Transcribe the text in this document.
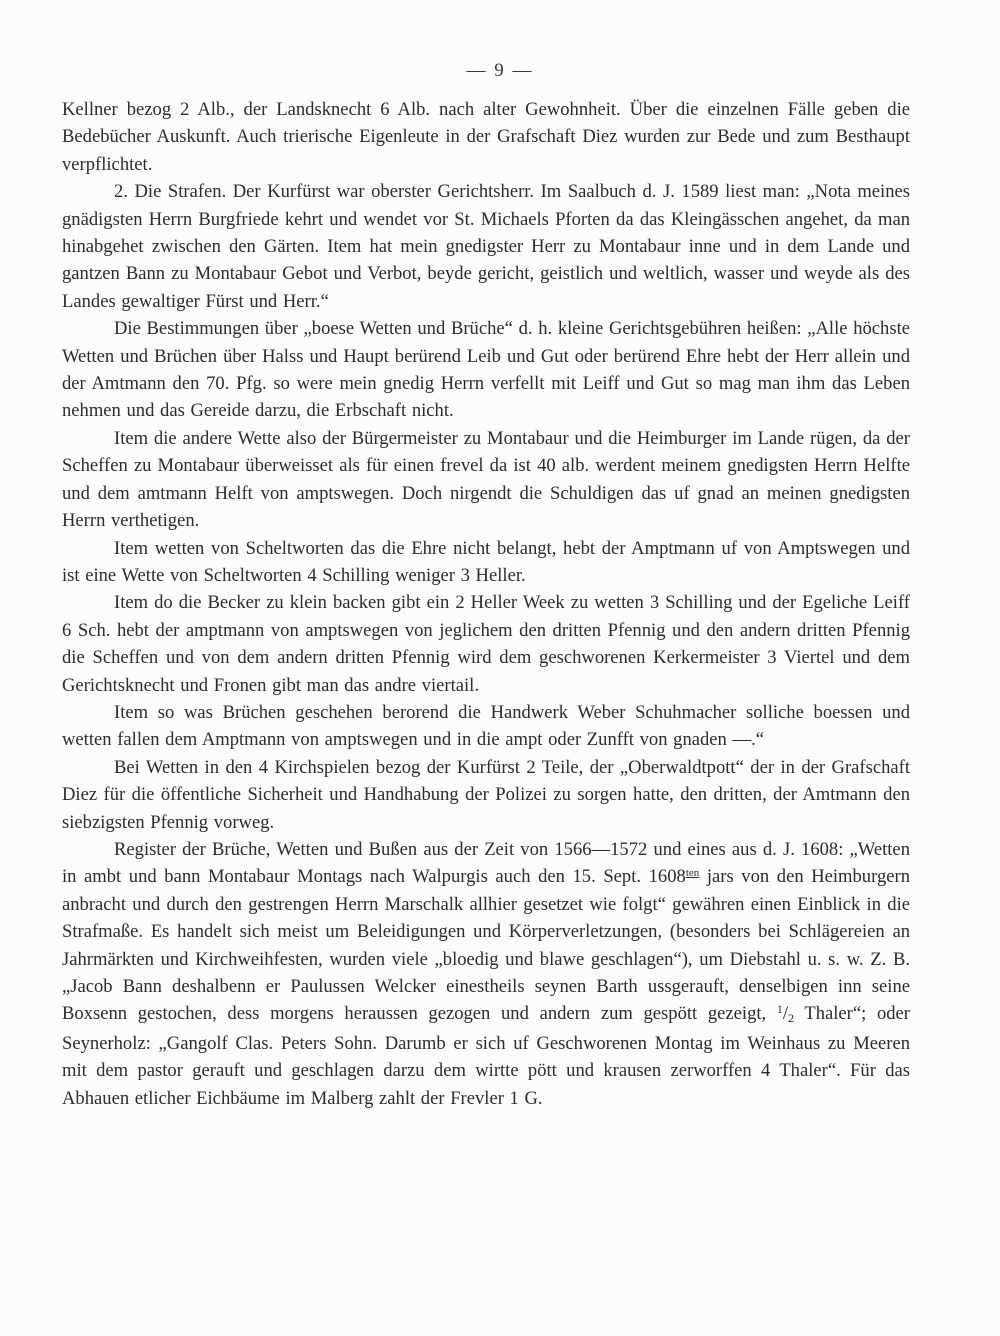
— 9 —

Kellner bezog 2 Alb., der Landsknecht 6 Alb. nach alter Gewohnheit. Über die einzelnen Fälle geben die Bedebücher Auskunft. Auch trierische Eigenleute in der Grafschaft Diez wurden zur Bede und zum Besthaupt verpflichtet.

2. Die Strafen. Der Kurfürst war oberster Gerichtsherr. Im Saalbuch d. J. 1589 liest man: „Nota meines gnädigsten Herrn Burgfriede kehrt und wendet vor St. Michaels Pforten da das Kleingässchen angehet, da man hinabgehet zwischen den Gärten. Item hat mein gnedigster Herr zu Montabaur inne und in dem Lande und gantzen Bann zu Montabaur Gebot und Verbot, beyde gericht, geistlich und weltlich, wasser und weyde als des Landes gewaltiger Fürst und Herr.“

Die Bestimmungen über „boese Wetten und Brüche“ d. h. kleine Gerichtsgebühren heißen: „Alle höchste Wetten und Brüchen über Halss und Haupt berürend Leib und Gut oder berürend Ehre hebt der Herr allein und der Amtmann den 70. Pfg. so were mein gnedig Herrn verfellt mit Leiff und Gut so mag man ihm das Leben nehmen und das Gereide darzu, die Erbschaft nicht.

Item die andere Wette also der Bürgermeister zu Montabaur und die Heimburger im Lande rügen, da der Scheffen zu Montabaur überweisset als für einen frevel da ist 40 alb. werdent meinem gnedigsten Herrn Helfte und dem amtmann Helft von amptswegen. Doch nirgendt die Schuldigen das uf gnad an meinen gnedigsten Herrn verthetigen.

Item wetten von Scheltworten das die Ehre nicht belangt, hebt der Amptmann uf von Amptswegen und ist eine Wette von Scheltworten 4 Schilling weniger 3 Heller.

Item do die Becker zu klein backen gibt ein 2 Heller Week zu wetten 3 Schilling und der Egeliche Leiff 6 Sch. hebt der amptmann von amptswegen von jeglichem den dritten Pfennig und den andern dritten Pfennig die Scheffen und von dem andern dritten Pfennig wird dem geschworenen Kerkermeister 3 Viertel und dem Gerichtsknecht und Fronen gibt man das andre viertail.

Item so was Brüchen geschehen berorend die Handwerk Weber Schuhmacher solliche boessen und wetten fallen dem Amptmann von amptswegen und in die ampt oder Zunfft von gnaden —.“

Bei Wetten in den 4 Kirchspielen bezog der Kurfürst 2 Teile, der „Oberwaldtpott“ der in der Grafschaft Diez für die öffentliche Sicherheit und Handhabung der Polizei zu sorgen hatte, den dritten, der Amtmann den siebzigsten Pfennig vorweg.

Register der Brüche, Wetten und Bußen aus der Zeit von 1566—1572 und eines aus d. J. 1608: „Wetten in ambt und bann Montabaur Montags nach Walpurgis auch den 15. Sept. $1608^{ten}$ jars von den Heimburgern anbracht und durch den gestrengen Herrn Marschalk allhier gesetzet wie folgt“ gewähren einen Einblick in die Strafmaße. Es handelt sich meist um Beleidigungen und Körperverletzungen, (besonders bei Schlägereien an Jahrmärkten und Kirchweihfesten, wurden viele „bloedig und blawe geschlagen“), um Diebstahl u. s. w. Z. B. „Jacob Bann deshalbenn er Paulussen Welcker einestheils seynen Barth ussgerauft, denselbigen inn seine Boxsenn gestochen, dess morgens heraussen gezogen und andern zum gespött gezeigt, $^1$/2 Thaler“; oder Seynerholz: „Gangolf Clas. Peters Sohn. Darumb er sich uf Geschworenen Montag im Weinhaus zu Meeren mit dem pastor gerauft und geschlagen darzu dem wirtte pött und krausen zerworffen 4 Thaler“. Für das Abhauen etlicher Eichbäume im Malberg zahlt der Frevler 1 G.
